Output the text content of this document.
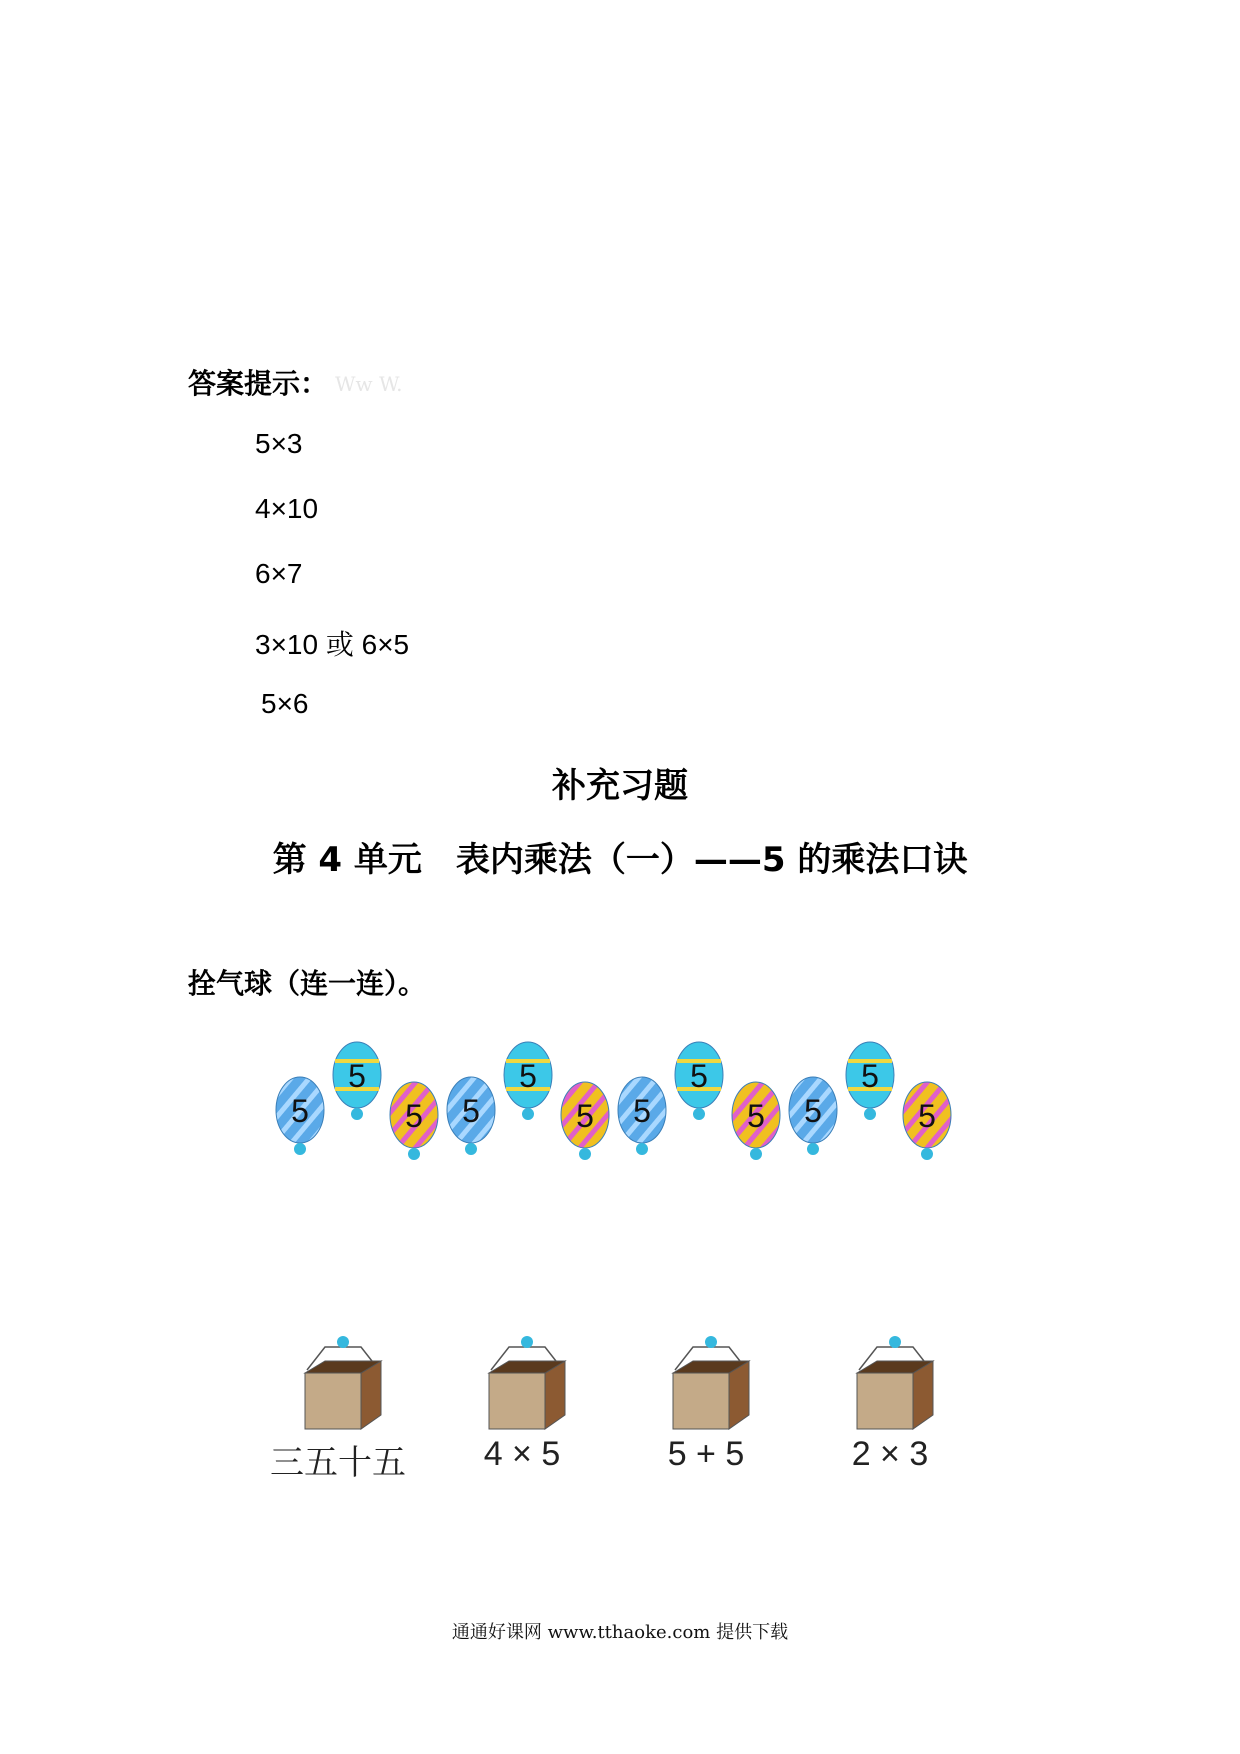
答案提示： Ww W.
5×3
4×10
6×7
3×10 或 6×5
5×6
补充习题
第 4 单元　表内乘法（一）——5 的乘法口诀
拴气球（连一连）。
5
5
5 5
5
5 5
5
5 5
5
5
三五十五	4 × 5	5 + 5	2 × 3
通通好课网 www.tthaoke.com 提供下载
